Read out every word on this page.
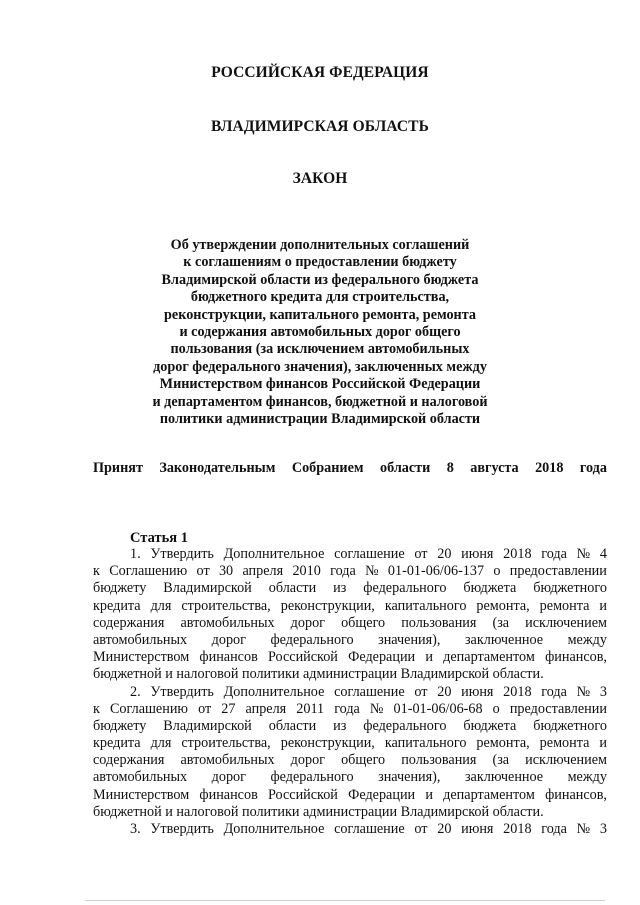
РОССИЙСКАЯ ФЕДЕРАЦИЯ
ВЛАДИМИРСКАЯ ОБЛАСТЬ
ЗАКОН
Об утверждении дополнительных соглашений
к соглашениям о предоставлении бюджету
Владимирской области из федерального бюджета
бюджетного кредита для строительства,
реконструкции, капитального ремонта, ремонта
и содержания автомобильных дорог общего
пользования (за исключением автомобильных
дорог федерального значения), заключенных между
Министерством финансов Российской Федерации
и департаментом финансов, бюджетной и налоговой
политики администрации Владимирской области
Принят Законодательным Собранием области 8 августа 2018 года
Статья 1
1. Утвердить Дополнительное соглашение от 20 июня 2018 года № 4
к Соглашению от 30 апреля 2010 года № 01-01-06/06-137 о предоставлении
бюджету Владимирской области из федерального бюджета бюджетного
кредита для строительства, реконструкции, капитального ремонта, ремонта и
содержания автомобильных дорог общего пользования (за исключением
автомобильных дорог федерального значения), заключенное между
Министерством финансов Российской Федерации и департаментом финансов,
бюджетной и налоговой политики администрации Владимирской области.
2. Утвердить Дополнительное соглашение от 20 июня 2018 года № 3
к Соглашению от 27 апреля 2011 года № 01-01-06/06-68 о предоставлении
бюджету Владимирской области из федерального бюджета бюджетного
кредита для строительства, реконструкции, капитального ремонта, ремонта и
содержания автомобильных дорог общего пользования (за исключением
автомобильных дорог федерального значения), заключенное между
Министерством финансов Российской Федерации и департаментом финансов,
бюджетной и налоговой политики администрации Владимирской области.
3. Утвердить Дополнительное соглашение от 20 июня 2018 года № 3
